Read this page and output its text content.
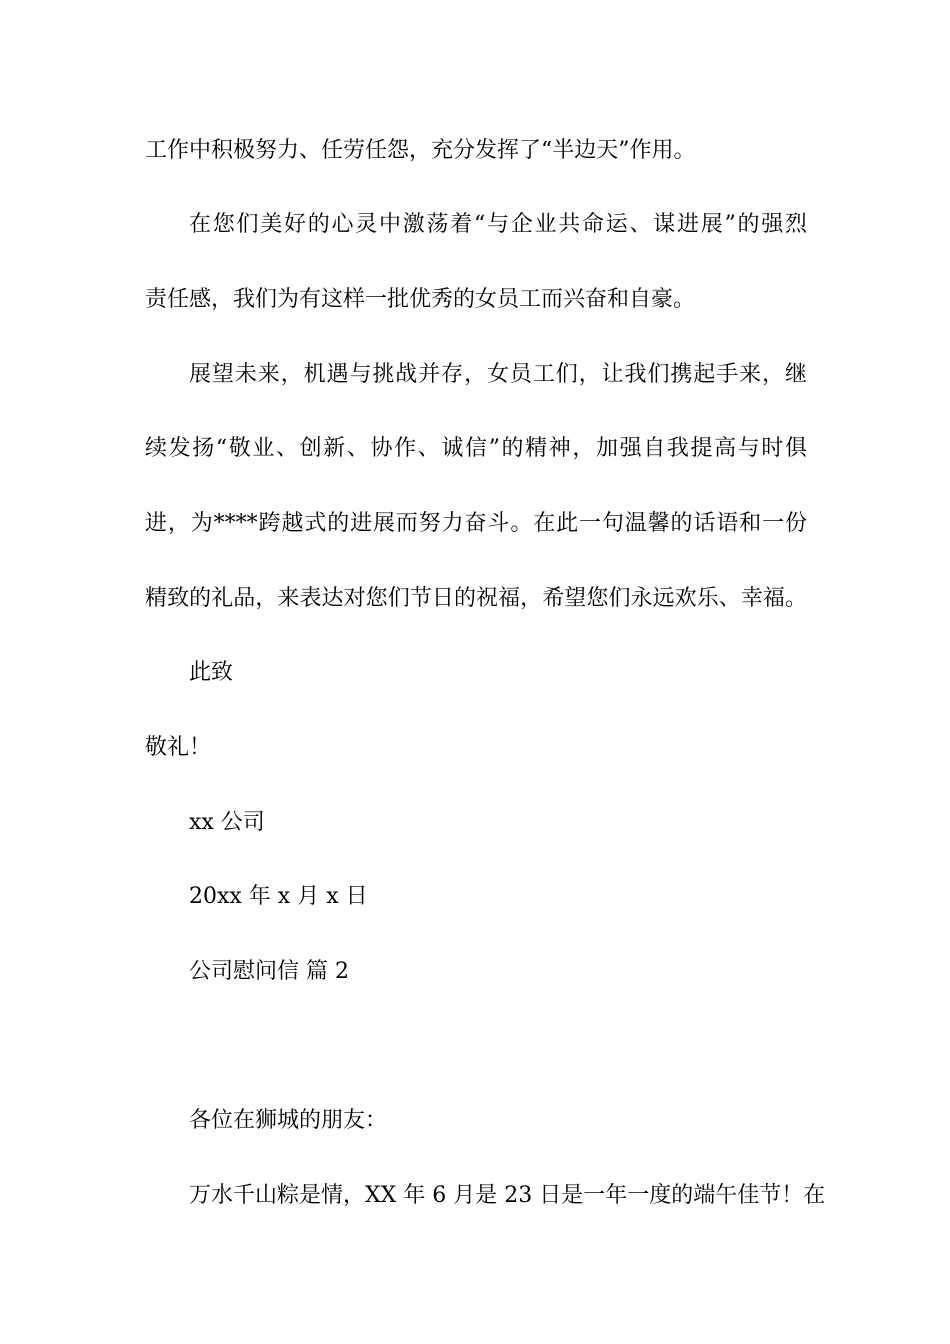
工作中积极努力、任劳任怨，充分发挥了“半边天”作用。
在您们美好的心灵中激荡着“与企业共命运、谋进展”的强烈
责任感，我们为有这样一批优秀的女员工而兴奋和自豪。
展望未来，机遇与挑战并存，女员工们，让我们携起手来，继
续发扬“敬业、创新、协作、诚信”的精神，加强自我提高与时俱
进，为****跨越式的进展而努力奋斗。在此一句温馨的话语和一份
精致的礼品，来表达对您们节日的祝福，希望您们永远欢乐、幸福。
此致
敬礼！
xx 公司
20xx 年 x 月 x 日
公司慰问信 篇 2
各位在狮城的朋友：
万水千山粽是情，XX 年 6 月是 23 日是一年一度的端午佳节！在
